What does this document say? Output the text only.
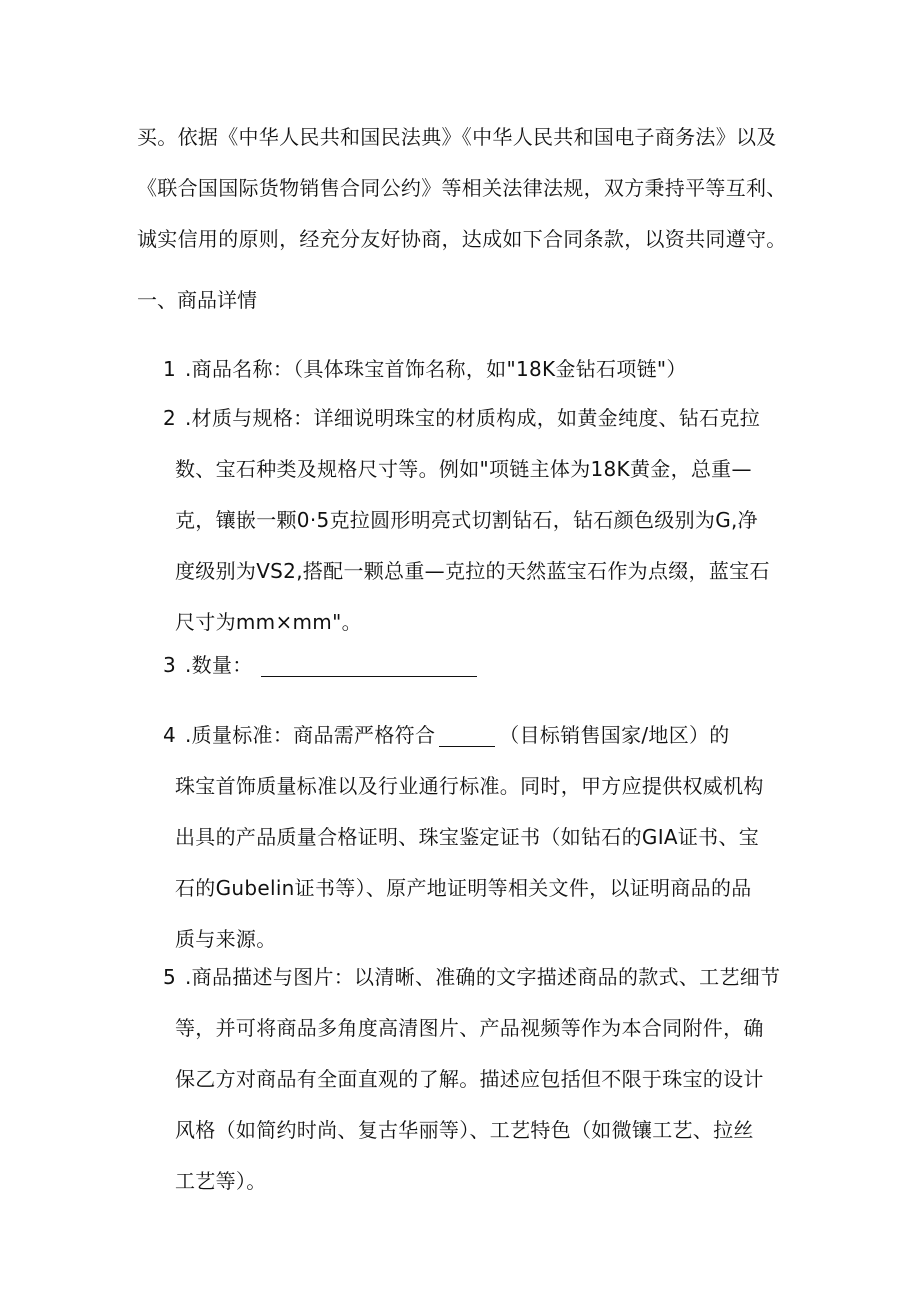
买。依据《中华人民共和国民法典》《中华人民共和国电子商务法》以及
《联合国国际货物销售合同公约》等相关法律法规，双方秉持平等互利、
诚实信用的原则，经充分友好协商，达成如下合同条款，以资共同遵守。
一、商品详情
1 .商品名称：（具体珠宝首饰名称，如"18K金钻石项链"）
2 .材质与规格：详细说明珠宝的材质构成，如黄金纯度、钻石克拉
数、宝石种类及规格尺寸等。例如"项链主体为18K黄金，总重—
克，镶嵌一颗0·5克拉圆形明亮式切割钻石，钻石颜色级别为G,净
度级别为VS2,搭配一颗总重—克拉的天然蓝宝石作为点缀，蓝宝石
尺寸为mm×mm"。
3 .数量：
4 .质量标准：商品需严格符合	（目标销售国家/地区）的
珠宝首饰质量标准以及行业通行标准。同时，甲方应提供权威机构
出具的产品质量合格证明、珠宝鉴定证书（如钻石的GIA证书、宝
石的Gubelin证书等）、原产地证明等相关文件，以证明商品的品
质与来源。
5 .商品描述与图片：以清晰、准确的文字描述商品的款式、工艺细节
等，并可将商品多角度高清图片、产品视频等作为本合同附件，确
保乙方对商品有全面直观的了解。描述应包括但不限于珠宝的设计
风格（如简约时尚、复古华丽等）、工艺特色（如微镶工艺、拉丝
工艺等）。
